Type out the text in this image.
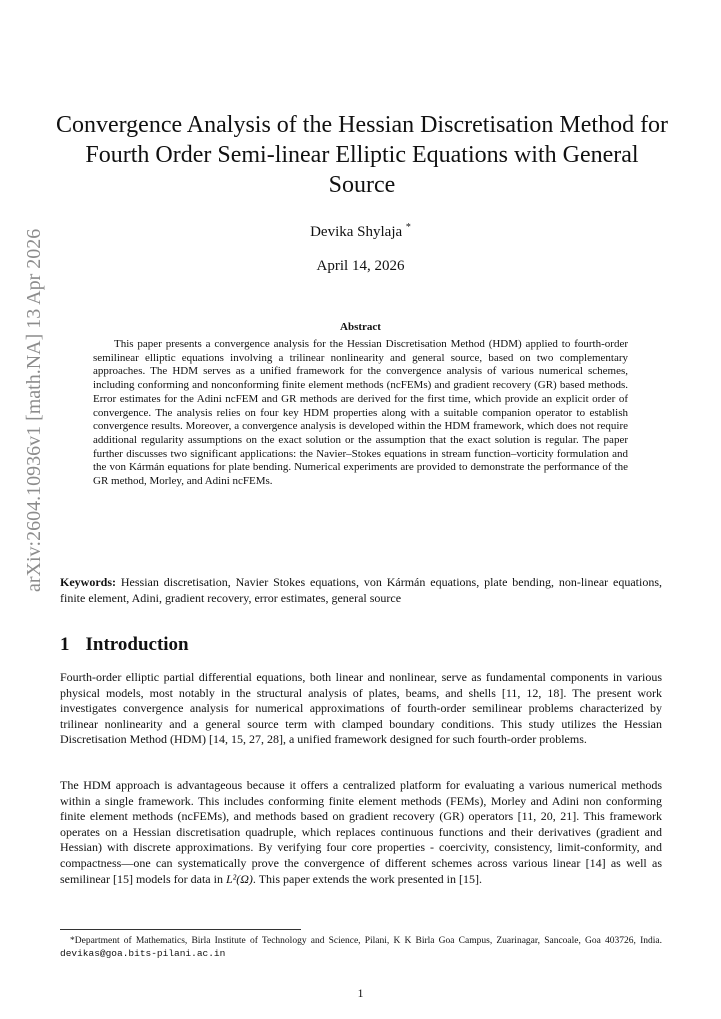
arXiv:2604.10936v1 [math.NA] 13 Apr 2026
Convergence Analysis of the Hessian Discretisation Method for Fourth Order Semi-linear Elliptic Equations with General Source
Devika Shylaja *
April 14, 2026
Abstract

This paper presents a convergence analysis for the Hessian Discretisation Method (HDM) applied to fourth-order semilinear elliptic equations involving a trilinear nonlinearity and general source, based on two complementary approaches. The HDM serves as a unified framework for the convergence analysis of various numerical schemes, including conforming and nonconforming finite element methods (ncFEMs) and gradient recovery (GR) based methods. Error estimates for the Adini ncFEM and GR methods are derived for the first time, which provide an explicit order of convergence. The analysis relies on four key HDM properties along with a suitable companion operator to establish convergence results. Moreover, a convergence analysis is developed within the HDM framework, which does not require additional regularity assumptions on the exact solution or the assumption that the exact solution is regular. The paper further discusses two significant applications: the Navier–Stokes equations in stream function–vorticity formulation and the von Kármán equations for plate bending. Numerical experiments are provided to demonstrate the performance of the GR method, Morley, and Adini ncFEMs.

Keywords: Hessian discretisation, Navier Stokes equations, von Kármán equations, plate bending, non-linear equations, finite element, Adini, gradient recovery, error estimates, general source

1 Introduction

Fourth-order elliptic partial differential equations, both linear and nonlinear, serve as fundamental components in various physical models, most notably in the structural analysis of plates, beams, and shells [11, 12, 18]. The present work investigates convergence analysis for numerical approximations of fourth-order semilinear problems characterized by trilinear nonlinearity and a general source term with clamped boundary conditions. This study utilizes the Hessian Discretisation Method (HDM) [14, 15, 27, 28], a unified framework designed for such fourth-order problems.

The HDM approach is advantageous because it offers a centralized platform for evaluating a various numerical methods within a single framework. This includes conforming finite element methods (FEMs), Morley and Adini non conforming finite element methods (ncFEMs), and methods based on gradient recovery (GR) operators [11, 20, 21]. This framework operates on a Hessian discretisation quadruple, which replaces continuous functions and their derivatives (gradient and Hessian) with discrete approximations. By verifying four core properties - coercivity, consistency, limit-conformity, and compactness—one can systematically prove the convergence of different schemes across various linear [14] as well as semilinear [15] models for data in L²(Ω). This paper extends the work presented in [15].

*Department of Mathematics, Birla Institute of Technology and Science, Pilani, K K Birla Goa Campus, Zuarinagar, Sancoale, Goa 403726, India. devikas@goa.bits-pilani.ac.in

1
